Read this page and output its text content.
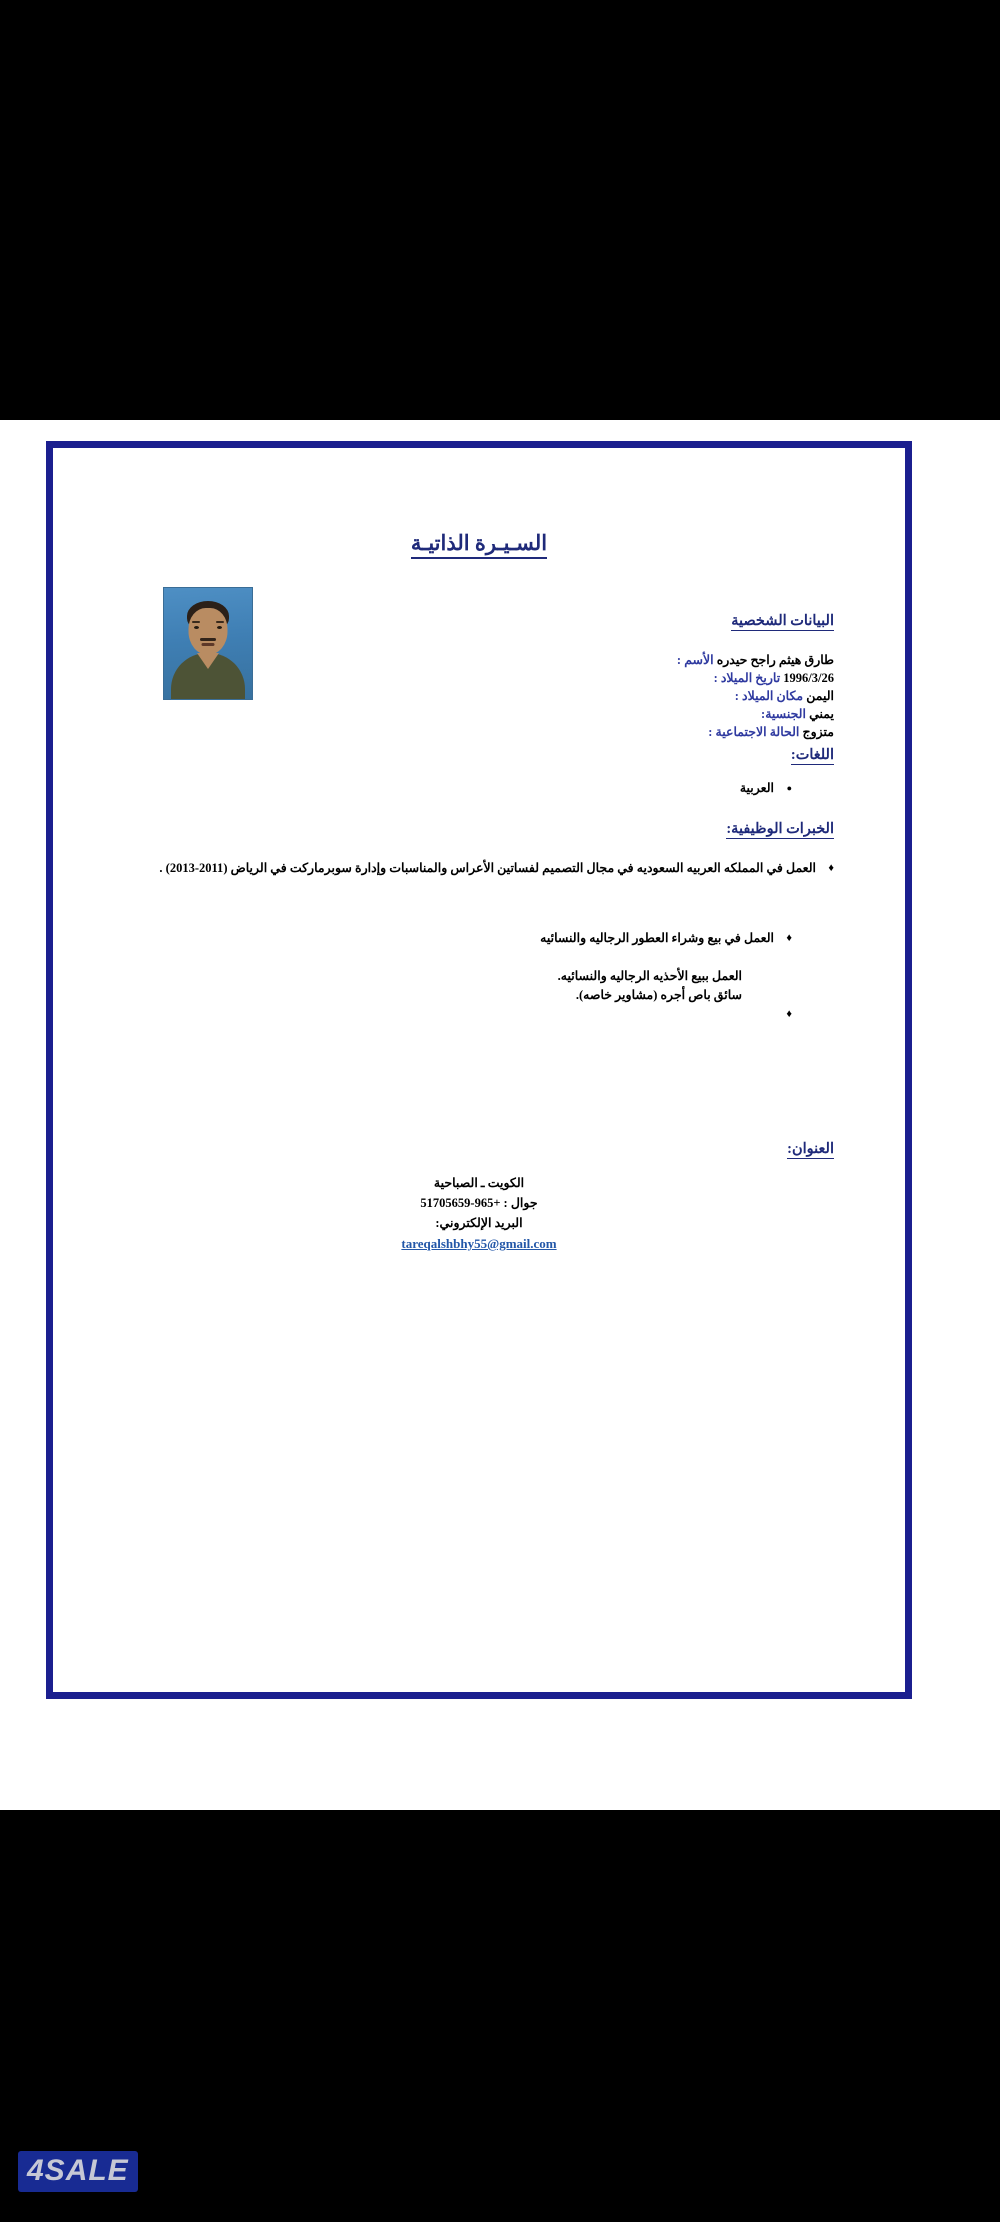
السـيـرة الذاتيـة
البيانات الشخصية
طارق هيثم راجح حيدره الأسم :
1996/3/26 تاريخ الميلاد :
اليمن مكان الميلاد :
يمني الجنسية:
متزوج الحالة الاجتماعية :
اللغات:
● العربية
الخبرات الوظيفية:
♦ العمل في المملكه العربيه السعوديه في مجال التصميم لفساتين الأعراس والمناسبات وإدارة سوبرماركت في الرياض (2011-2013) .
♦ العمل في بيع وشراء العطور الرجاليه والنسائيه
العمل ببيع الأحذيه الرجاليه والنسائيه.
سائق باص أجره (مشاوير خاصه).
العنوان:
الكويت ـ الصباحية
جوال : +965-51705659
البريد الإلكتروني:
tareqalshbhy55@gmail.com
4SALE
